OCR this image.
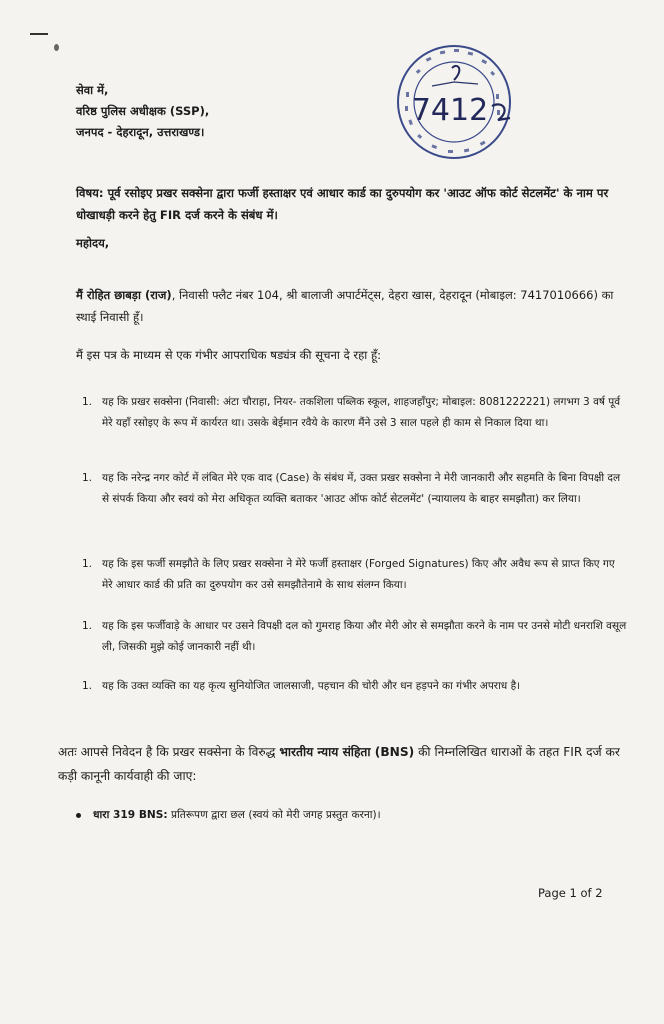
7412
सेवा में,
वरिष्ठ पुलिस अधीक्षक (SSP),
जनपद - देहरादून, उत्तराखण्ड।
विषय: पूर्व रसोइए प्रखर सक्सेना द्वारा फर्जी हस्ताक्षर एवं आधार कार्ड का दुरुपयोग कर 'आउट ऑफ कोर्ट सेटलमेंट' के नाम पर धोखाधड़ी करने हेतु FIR दर्ज करने के संबंध में।
महोदय,
मैं रोहित छाबड़ा (राज), निवासी फ्लैट नंबर 104, श्री बालाजी अपार्टमेंट्स, देहरा खास, देहरादून (मोबाइल: 7417010666) का स्थाई निवासी हूँ।
मैं इस पत्र के माध्यम से एक गंभीर आपराधिक षड्यंत्र की सूचना दे रहा हूँ:
1. यह कि प्रखर सक्सेना (निवासी: अंटा चौराहा, नियर- तकशिला पब्लिक स्कूल, शाहजहाँपुर; मोबाइल: 8081222221) लगभग 3 वर्ष पूर्व मेरे यहाँ रसोइए के रूप में कार्यरत था। उसके बेईमान रवैये के कारण मैंने उसे 3 साल पहले ही काम से निकाल दिया था।
1. यह कि नरेन्द्र नगर कोर्ट में लंबित मेरे एक वाद (Case) के संबंध में, उक्त प्रखर सक्सेना ने मेरी जानकारी और सहमति के बिना विपक्षी दल से संपर्क किया और स्वयं को मेरा अधिकृत व्यक्ति बताकर 'आउट ऑफ कोर्ट सेटलमेंट' (न्यायालय के बाहर समझौता) कर लिया।
1. यह कि इस फर्जी समझौते के लिए प्रखर सक्सेना ने मेरे फर्जी हस्ताक्षर (Forged Signatures) किए और अवैध रूप से प्राप्त किए गए मेरे आधार कार्ड की प्रति का दुरुपयोग कर उसे समझौतेनामे के साथ संलग्न किया।
1. यह कि इस फर्जीवाड़े के आधार पर उसने विपक्षी दल को गुमराह किया और मेरी ओर से समझौता करने के नाम पर उनसे मोटी धनराशि वसूल ली, जिसकी मुझे कोई जानकारी नहीं थी।
1. यह कि उक्त व्यक्ति का यह कृत्य सुनियोजित जालसाजी, पहचान की चोरी और धन हड़पने का गंभीर अपराध है।
अतः आपसे निवेदन है कि प्रखर सक्सेना के विरुद्ध भारतीय न्याय संहिता (BNS) की निम्नलिखित धाराओं के तहत FIR दर्ज कर कड़ी कानूनी कार्यवाही की जाए:
धारा 319 BNS: प्रतिरूपण द्वारा छल (स्वयं को मेरी जगह प्रस्तुत करना)।
Page 1 of 2
